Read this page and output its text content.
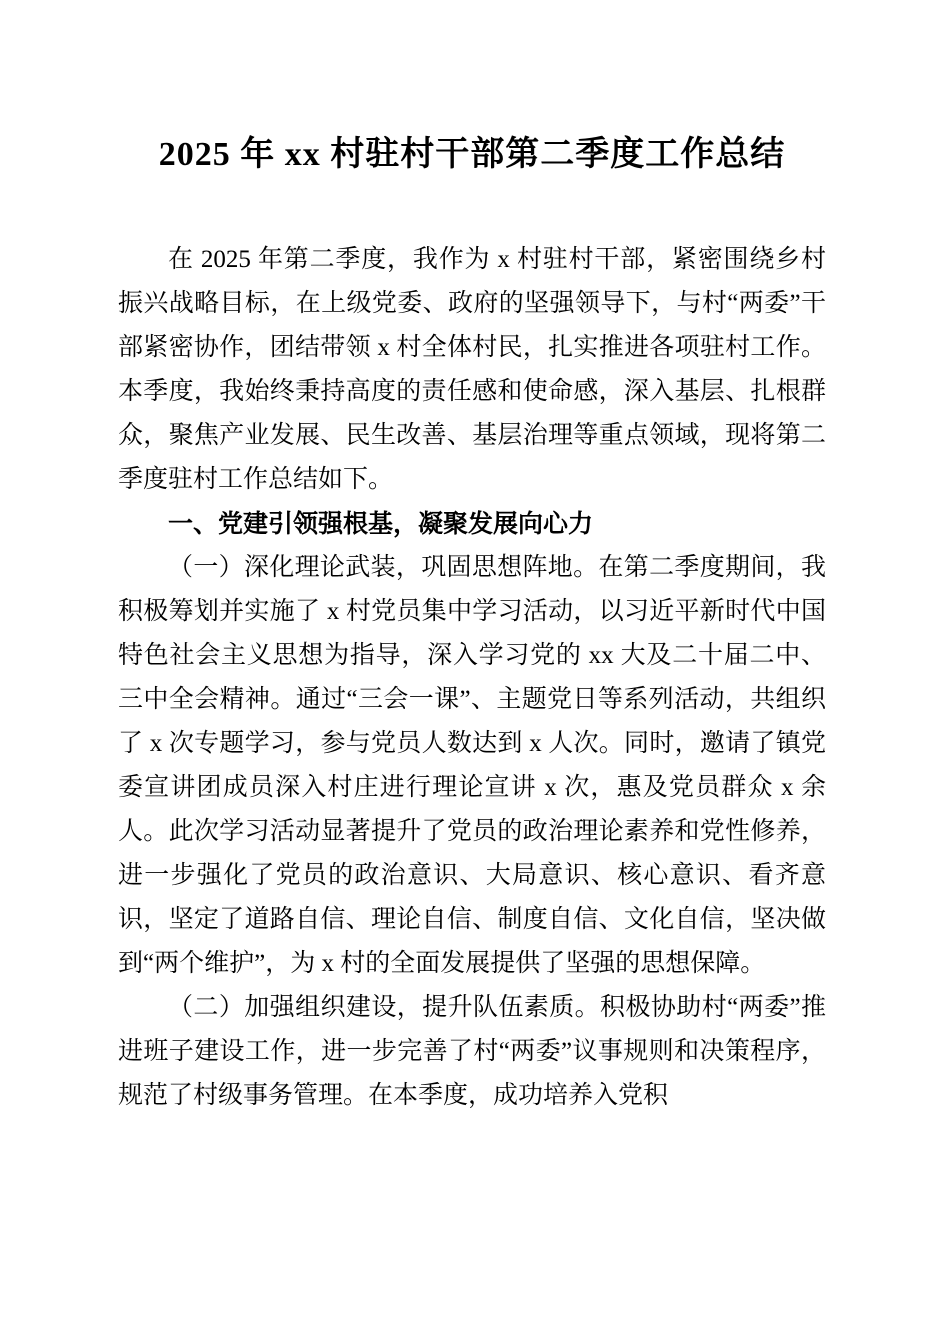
2025 年 xx 村驻村干部第二季度工作总结

在 2025 年第二季度，我作为 x 村驻村干部，紧密围绕乡村振兴战略目标，在上级党委、政府的坚强领导下，与村“两委”干部紧密协作，团结带领 x 村全体村民，扎实推进各项驻村工作。本季度，我始终秉持高度的责任感和使命感，深入基层、扎根群众，聚焦产业发展、民生改善、基层治理等重点领域，现将第二季度驻村工作总结如下。

一、党建引领强根基，凝聚发展向心力

（一）深化理论武装，巩固思想阵地。在第二季度期间，我积极筹划并实施了 x 村党员集中学习活动，以习近平新时代中国特色社会主义思想为指导，深入学习党的 xx 大及二十届二中、三中全会精神。通过“三会一课”、主题党日等系列活动，共组织了 x 次专题学习，参与党员人数达到 x 人次。同时，邀请了镇党委宣讲团成员深入村庄进行理论宣讲 x 次，惠及党员群众 x 余人。此次学习活动显著提升了党员的政治理论素养和党性修养，进一步强化了党员的政治意识、大局意识、核心意识、看齐意识，坚定了道路自信、理论自信、制度自信、文化自信，坚决做到“两个维护”，为 x 村的全面发展提供了坚强的思想保障。

（二）加强组织建设，提升队伍素质。积极协助村“两委”推进班子建设工作，进一步完善了村“两委”议事规则和决策程序，规范了村级事务管理。在本季度，成功培养入党积
